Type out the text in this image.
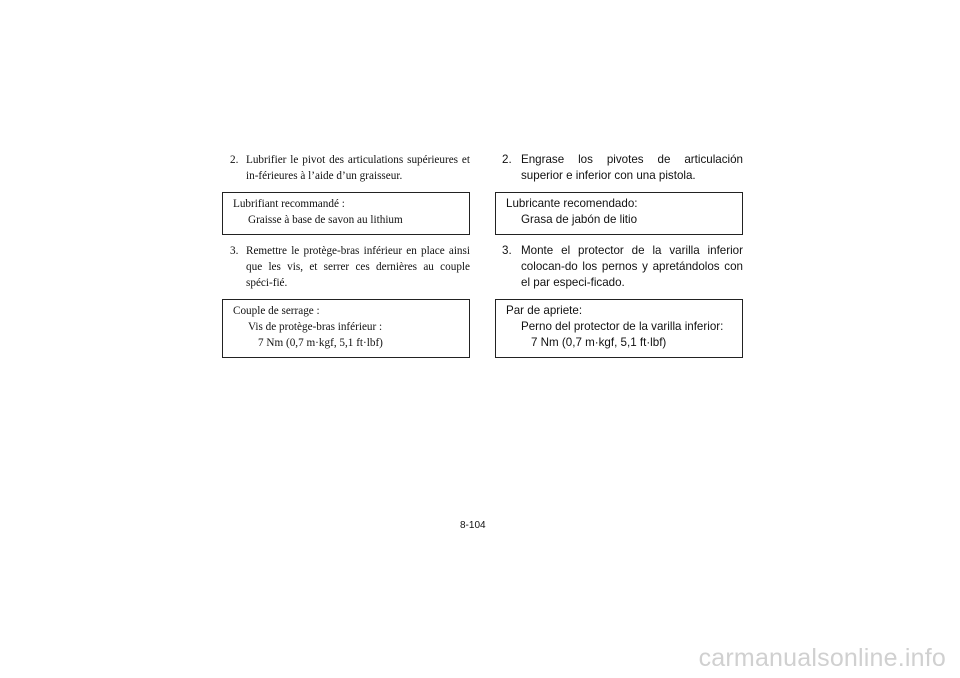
2. Lubrifier le pivot des articulations supérieures et in-férieures à l’aide d’un graisseur.
Lubrifiant recommandé :
Graisse à base de savon au lithium
3. Remettre le protège-bras inférieur en place ainsi que les vis, et serrer ces dernières au couple spéci-fié.
Couple de serrage :
Vis de protège-bras inférieur :
7 Nm (0,7 m·kgf, 5,1 ft·lbf)
2. Engrase los pivotes de articulación superior e inferior con una pistola.
Lubricante recomendado:
Grasa de jabón de litio
3. Monte el protector de la varilla inferior colocan-do los pernos y apretándolos con el par especi-ficado.
Par de apriete:
Perno del protector de la varilla inferior:
7 Nm (0,7 m·kgf, 5,1 ft·lbf)
8-104
carmanualsonline.info
